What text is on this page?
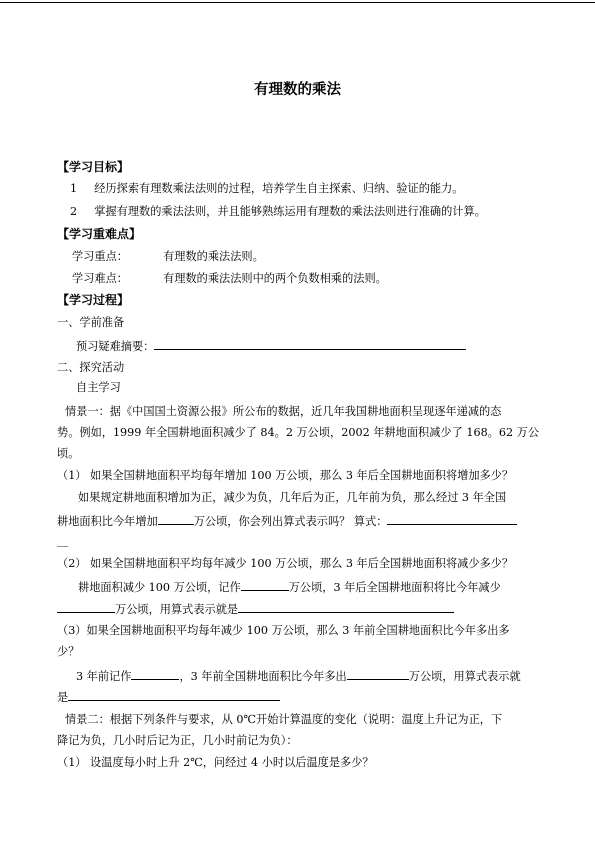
有理数的乘法
【学习目标】
1 经历探索有理数乘法法则的过程，培养学生自主探索、归纳、验证的能力。
2 掌握有理数的乘法法则，并且能够熟练运用有理数的乘法法则进行准确的计算。
【学习重难点】
学习重点：	有理数的乘法法则。
学习难点：	有理数的乘法法则中的两个负数相乘的法则。
【学习过程】
一、学前准备
预习疑难摘要：
二、探究活动
自主学习
情景一：据《中国国土资源公报》所公布的数据，近几年我国耕地面积呈现逐年递减的态
势。例如，1999 年全国耕地面积减少了 84。2 万公顷，2002 年耕地面积减少了 168。62 万公
顷。
（1） 如果全国耕地面积平均每年增加 100 万公顷，那么 3 年后全国耕地面积将增加多少？
如果规定耕地面积增加为正，减少为负，几年后为正，几年前为负，那么经过 3 年全国
耕地面积比今年增加	万公顷，你会列出算式表示吗？ 算式：
__
（2） 如果全国耕地面积平均每年减少 100 万公顷，那么 3 年后全国耕地面积将减少多少？
耕地面积减少 100 万公顷，记作	万公顷，3 年后全国耕地面积将比今年减少
万公顷，用算式表示就是
（3）如果全国耕地面积平均每年减少 100 万公顷，那么 3 年前全国耕地面积比今年多出多
少？
3 年前记作	，3 年前全国耕地面积比今年多出	万公顷，用算式表示就
是
情景二：根据下列条件与要求，从 0℃开始计算温度的变化（说明：温度上升记为正，下
降记为负，几小时后记为正，几小时前记为负）：
（1） 设温度每小时上升 2℃，问经过 4 小时以后温度是多少？
